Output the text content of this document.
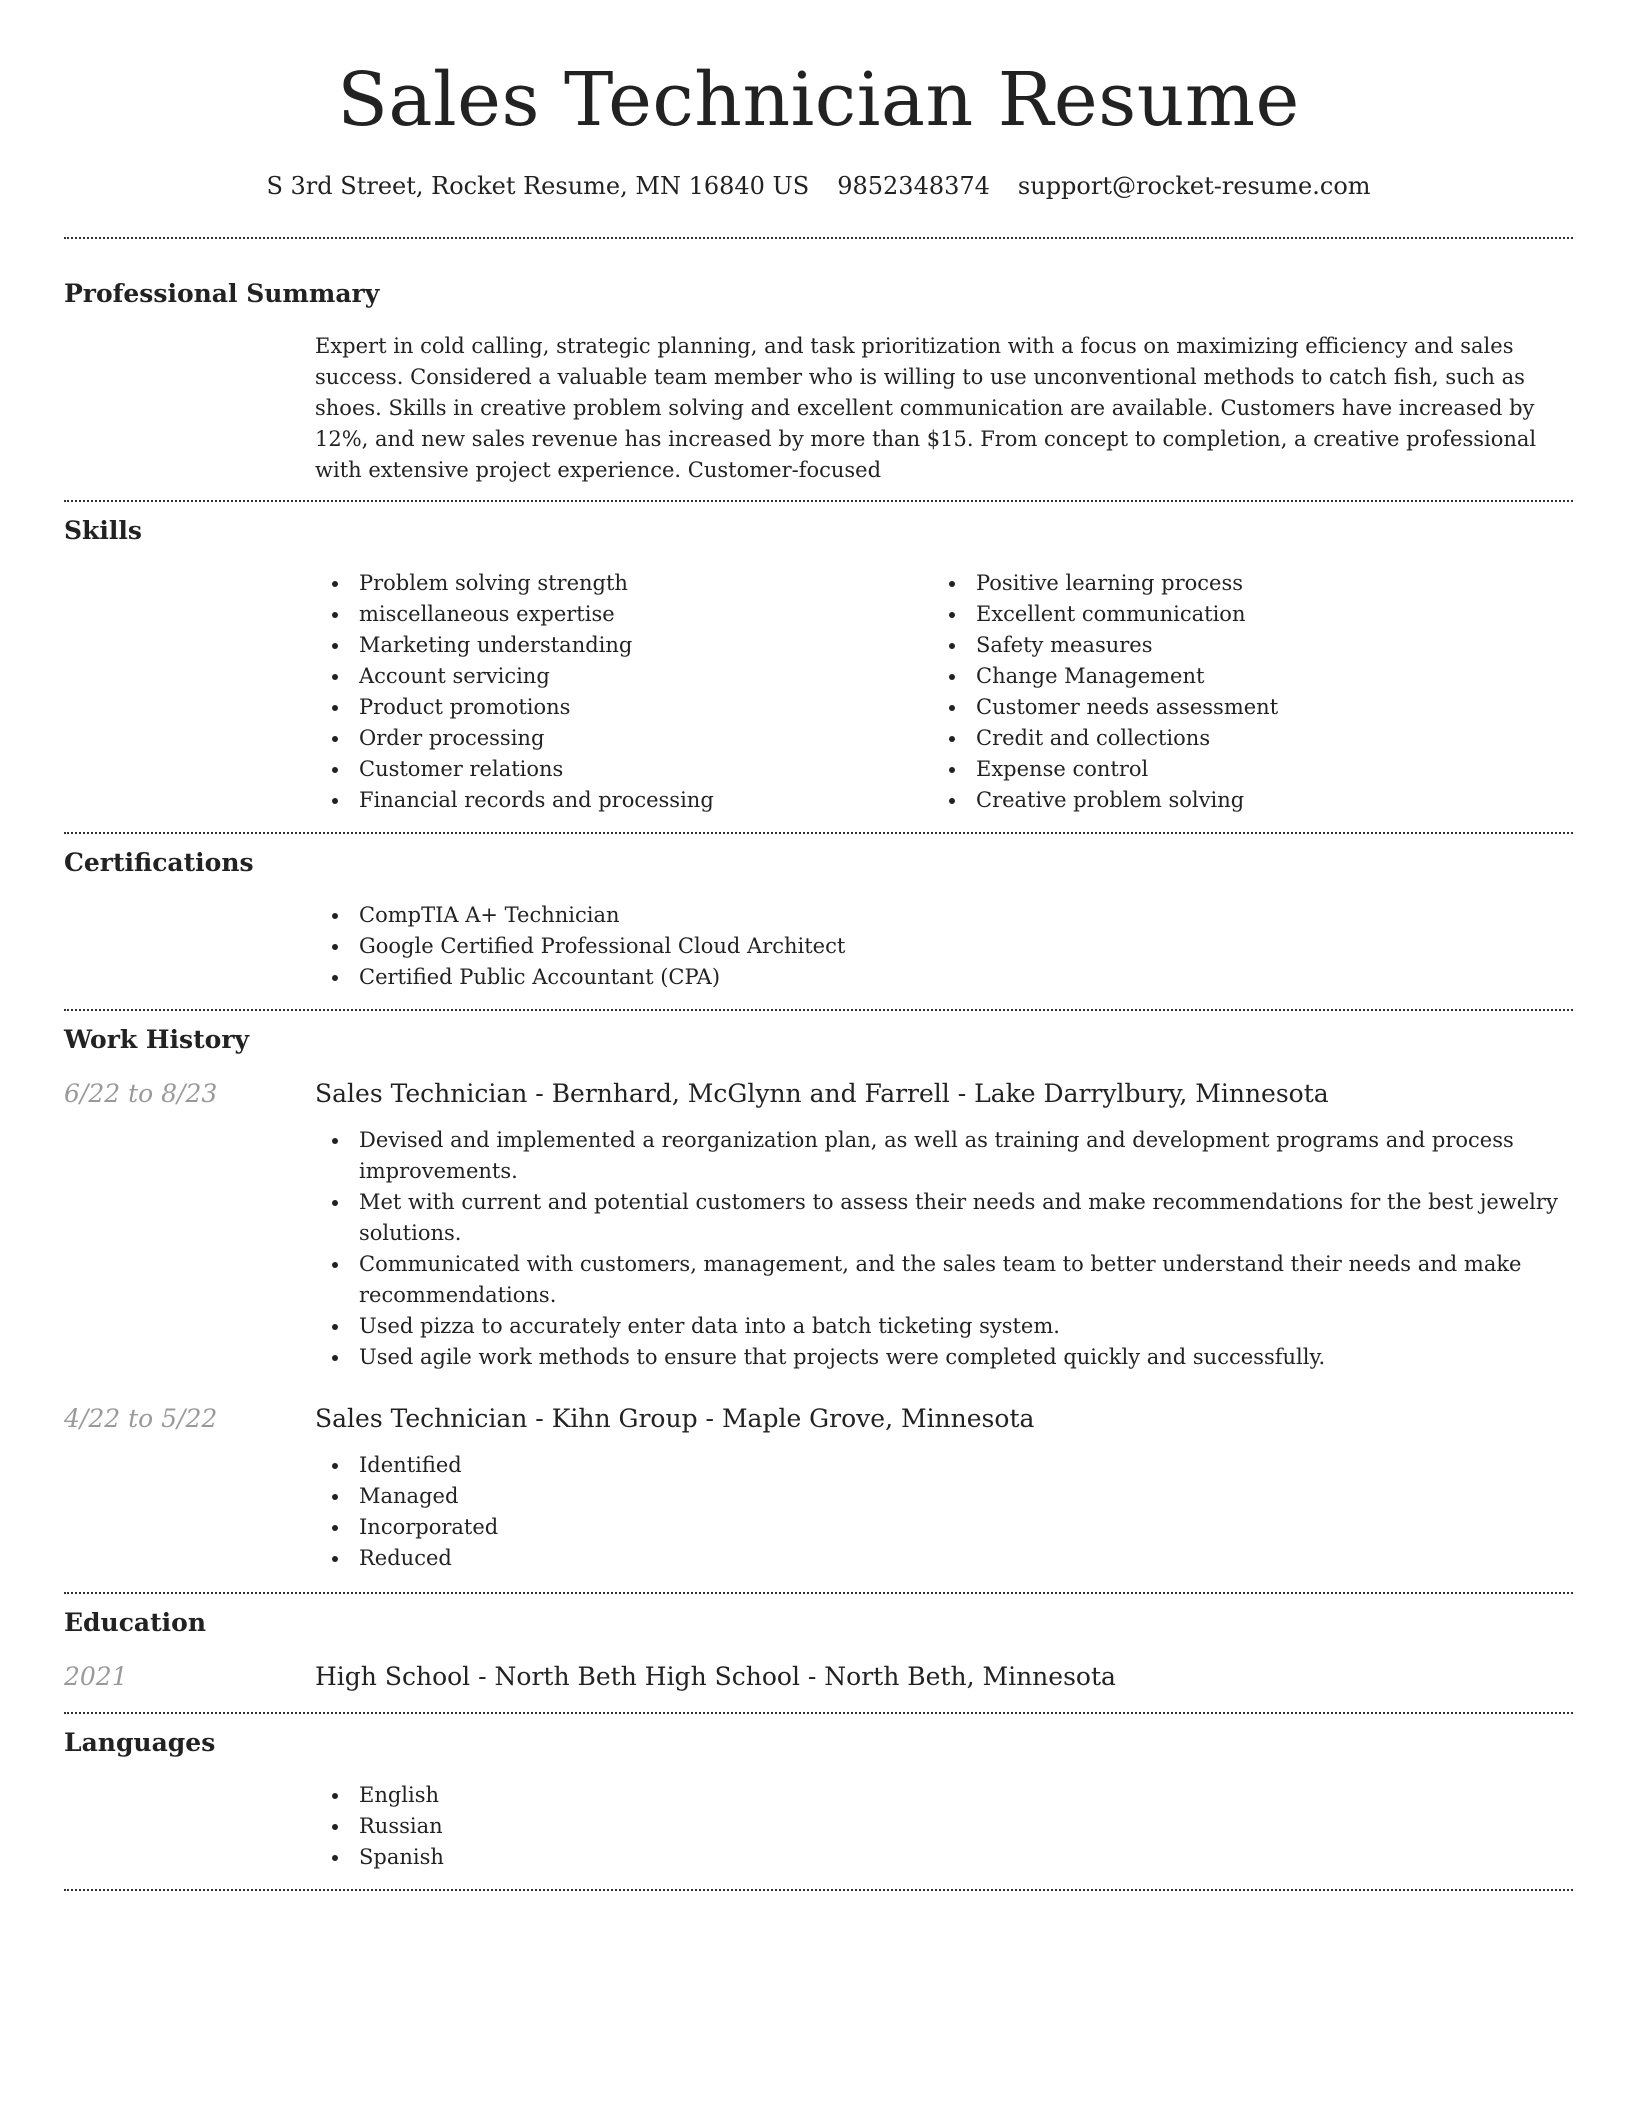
Sales Technician Resume
S 3rd Street, Rocket Resume, MN 16840 US 9852348374 support@rocket-resume.com
Professional Summary

Expert in cold calling, strategic planning, and task prioritization with a focus on maximizing efficiency and sales success. Considered a valuable team member who is willing to use unconventional methods to catch fish, such as shoes. Skills in creative problem solving and excellent communication are available. Customers have increased by 12%, and new sales revenue has increased by more than $15. From concept to completion, a creative professional with extensive project experience. Customer-focused

Skills
Problem solving strength
miscellaneous expertise
Marketing understanding
Account servicing
Product promotions
Order processing
Customer relations
Financial records and processing
Positive learning process
Excellent communication
Safety measures
Change Management
Customer needs assessment
Credit and collections
Expense control
Creative problem solving
Certifications
CompTIA A+ Technician
Google Certified Professional Cloud Architect
Certified Public Accountant (CPA)
Work History
6/22 to 8/23	Sales Technician - Bernhard, McGlynn and Farrell - Lake Darrylbury, Minnesota
Devised and implemented a reorganization plan, as well as training and development programs and process improvements.
Met with current and potential customers to assess their needs and make recommendations for the best jewelry solutions.
Communicated with customers, management, and the sales team to better understand their needs and make recommendations.
Used pizza to accurately enter data into a batch ticketing system.
Used agile work methods to ensure that projects were completed quickly and successfully.
4/22 to 5/22	Sales Technician - Kihn Group - Maple Grove, Minnesota
Identified
Managed
Incorporated
Reduced
Education
2021	High School - North Beth High School - North Beth, Minnesota
Languages
English
Russian
Spanish
